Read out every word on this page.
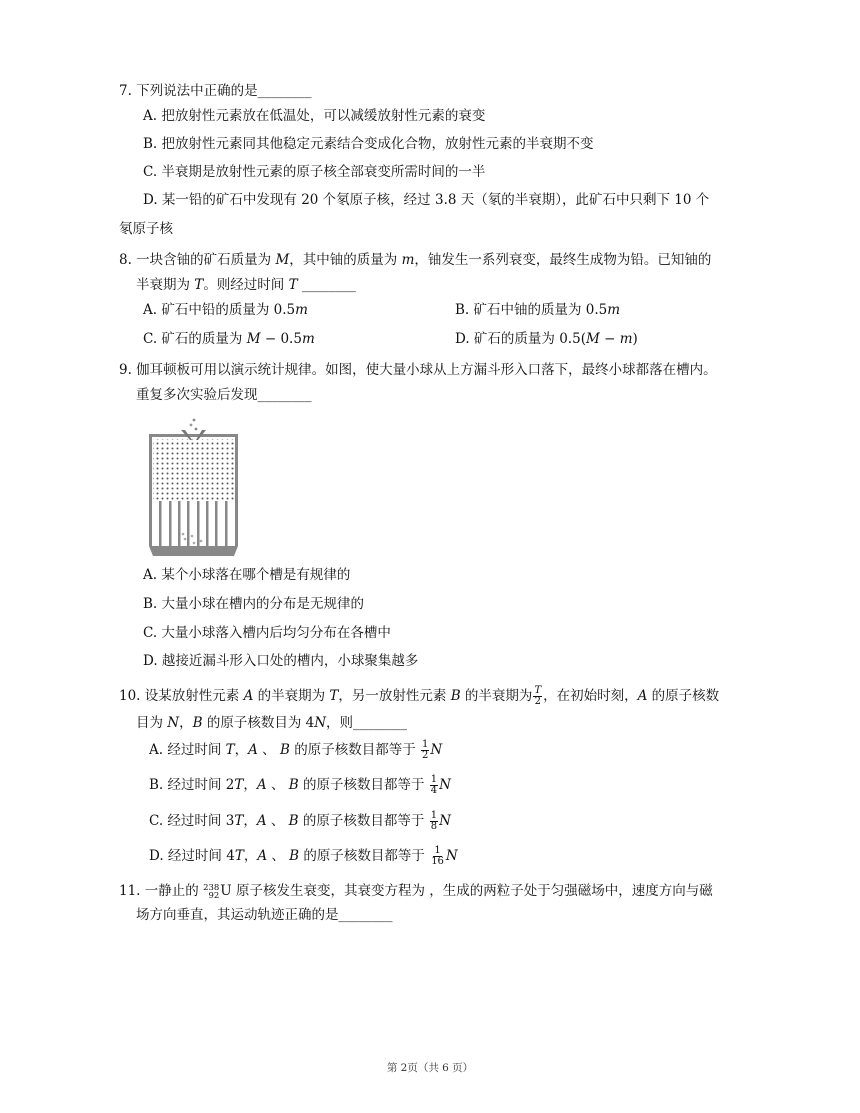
7. 下列说法中正确的是________
A. 把放射性元素放在低温处，可以减缓放射性元素的衰变
B. 把放射性元素同其他稳定元素结合变成化合物，放射性元素的半衰期不变
C. 半衰期是放射性元素的原子核全部衰变所需时间的一半
D. 某一铅的矿石中发现有 20 个氡原子核，经过 3.8 天（氡的半衰期），此矿石中只剩下 10 个
氡原子核
8. 一块含铀的矿石质量为 M，其中铀的质量为 m，铀发生一系列衰变，最终生成物为铅。已知铀的
半衰期为 T。则经过时间 T ________
A. 矿石中铅的质量为 0.5m	B. 矿石中铀的质量为 0.5m
C. 矿石的质量为 M − 0.5m	D. 矿石的质量为 0.5(M − m)
9. 伽耳顿板可用以演示统计规律。如图，使大量小球从上方漏斗形入口落下，最终小球都落在槽内。
重复多次实验后发现________
A. 某个小球落在哪个槽是有规律的
B. 大量小球在槽内的分布是无规律的
C. 大量小球落入槽内后均匀分布在各槽中
D. 越接近漏斗形入口处的槽内，小球聚集越多
10. 设某放射性元素 A 的半衰期为 T，另一放射性元素 B 的半衰期为 $\frac{T}{2}$ ，在初始时刻，A 的原子核数
目为 N，B 的原子核数目为 4N，则________
A. 经过时间 T，A 、 B 的原子核数目都等于 $\frac{1}{2}$ N
B. 经过时间 2T，A 、 B 的原子核数目都等于 $\frac{1}{4}$ N
C. 经过时间 3T，A 、 B 的原子核数目都等于 $\frac{1}{8}$ N
D. 经过时间 4T，A 、 B 的原子核数目都等于 $\frac{1}{16}$ N
11. 一静止的 238
92 U 原子核发生衰变，其衰变方程为 ，生成的两粒子处于匀强磁场中，速度方向与磁
场方向垂直，其运动轨迹正确的是________
第 2页（共 6 页）
